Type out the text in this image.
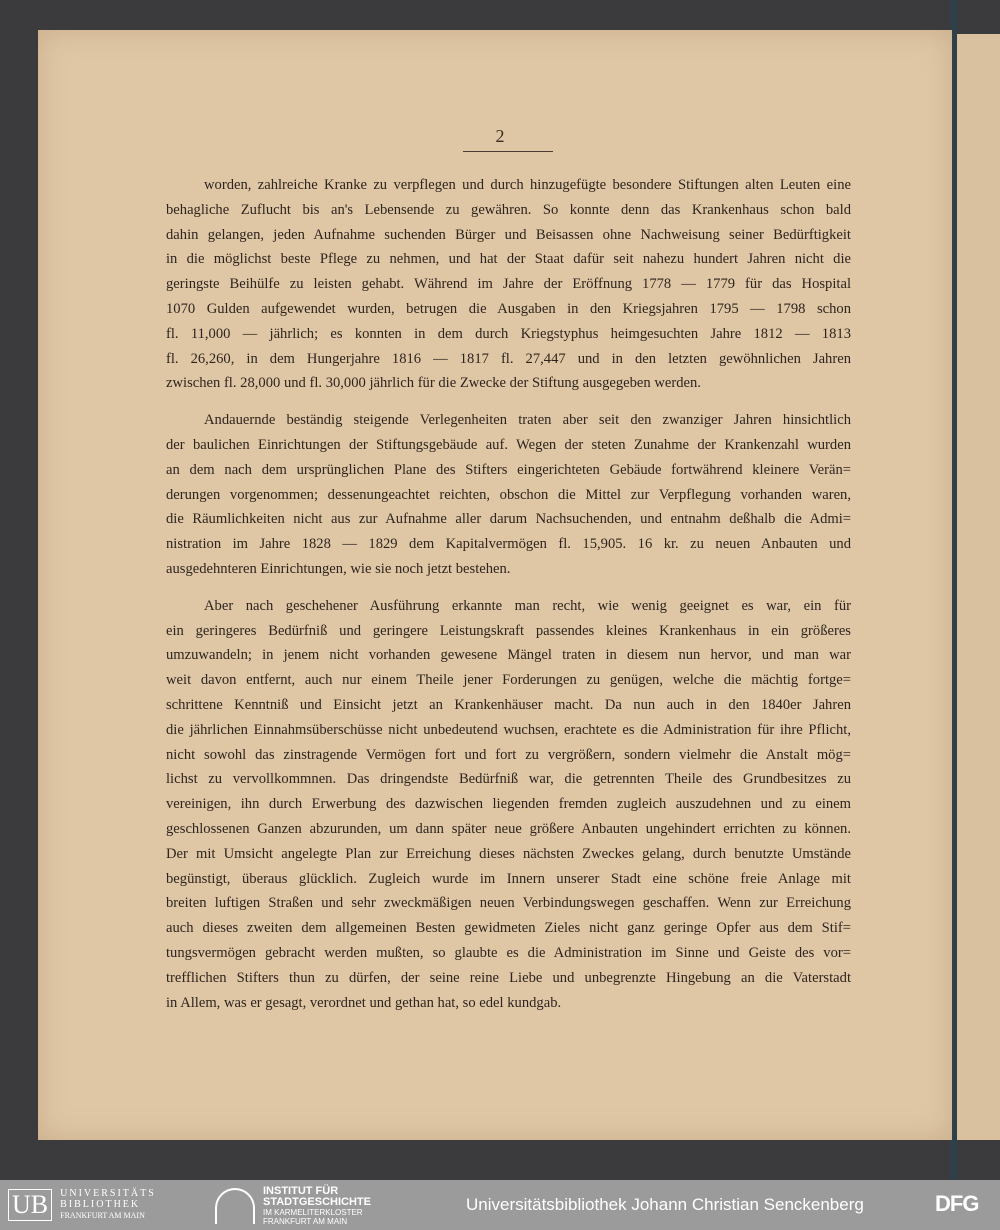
2
worden, zahlreiche Kranke zu verpflegen und durch hinzugefügte besondere Stiftungen alten Leuten eine
behagliche Zuflucht bis an's Lebensende zu gewähren. So konnte denn das Krankenhaus schon bald
dahin gelangen, jeden Aufnahme suchenden Bürger und Beisassen ohne Nachweisung seiner Bedürftigkeit
in die möglichst beste Pflege zu nehmen, und hat der Staat dafür seit nahezu hundert Jahren nicht die
geringste Beihülfe zu leisten gehabt. Während im Jahre der Eröffnung 1778 — 1779 für das Hospital
1070 Gulden aufgewendet wurden, betrugen die Ausgaben in den Kriegsjahren 1795 — 1798 schon
fl. 11,000 — jährlich; es konnten in dem durch Kriegstyphus heimgesuchten Jahre 1812 — 1813
fl. 26,260, in dem Hungerjahre 1816 — 1817 fl. 27,447 und in den letzten gewöhnlichen Jahren
zwischen fl. 28,000 und fl. 30,000 jährlich für die Zwecke der Stiftung ausgegeben werden.
Andauernde beständig steigende Verlegenheiten traten aber seit den zwanziger Jahren hinsichtlich
der baulichen Einrichtungen der Stiftungsgebäude auf. Wegen der steten Zunahme der Krankenzahl wurden
an dem nach dem ursprünglichen Plane des Stifters eingerichteten Gebäude fortwährend kleinere Verän=
derungen vorgenommen; dessenungeachtet reichten, obschon die Mittel zur Verpflegung vorhanden waren,
die Räumlichkeiten nicht aus zur Aufnahme aller darum Nachsuchenden, und entnahm deßhalb die Admi=
nistration im Jahre 1828 — 1829 dem Kapitalvermögen fl. 15,905. 16 kr. zu neuen Anbauten und
ausgedehnteren Einrichtungen, wie sie noch jetzt bestehen.
Aber nach geschehener Ausführung erkannte man recht, wie wenig geeignet es war, ein für
ein geringeres Bedürfniß und geringere Leistungskraft passendes kleines Krankenhaus in ein größeres
umzuwandeln; in jenem nicht vorhanden gewesene Mängel traten in diesem nun hervor, und man war
weit davon entfernt, auch nur einem Theile jener Forderungen zu genügen, welche die mächtig fortge=
schrittene Kenntniß und Einsicht jetzt an Krankenhäuser macht. Da nun auch in den 1840er Jahren
die jährlichen Einnahmsüberschüsse nicht unbedeutend wuchsen, erachtete es die Administration für ihre Pflicht,
nicht sowohl das zinstragende Vermögen fort und fort zu vergrößern, sondern vielmehr die Anstalt mög=
lichst zu vervollkommnen. Das dringendste Bedürfniß war, die getrennten Theile des Grundbesitzes zu
vereinigen, ihn durch Erwerbung des dazwischen liegenden fremden zugleich auszudehnen und zu einem
geschlossenen Ganzen abzurunden, um dann später neue größere Anbauten ungehindert errichten zu können.
Der mit Umsicht angelegte Plan zur Erreichung dieses nächsten Zweckes gelang, durch benutzte Umstände
begünstigt, überaus glücklich. Zugleich wurde im Innern unserer Stadt eine schöne freie Anlage mit
breiten luftigen Straßen und sehr zweckmäßigen neuen Verbindungswegen geschaffen. Wenn zur Erreichung
auch dieses zweiten dem allgemeinen Besten gewidmeten Zieles nicht ganz geringe Opfer aus dem Stif=
tungsvermögen gebracht werden mußten, so glaubte es die Administration im Sinne und Geiste des vor=
trefflichen Stifters thun zu dürfen, der seine reine Liebe und unbegrenzte Hingebung an die Vaterstadt
in Allem, was er gesagt, verordnet und gethan hat, so edel kundgab.
UB	UNIVERSITÄTS
BIBLIOTHEK
FRANKFURT AM MAIN
INSTITUT FÜR
STADTGESCHICHTE
IM KARMELITERKLOSTER
FRANKFURT AM MAIN
Universitätsbibliothek Johann Christian Senckenberg	DFG
